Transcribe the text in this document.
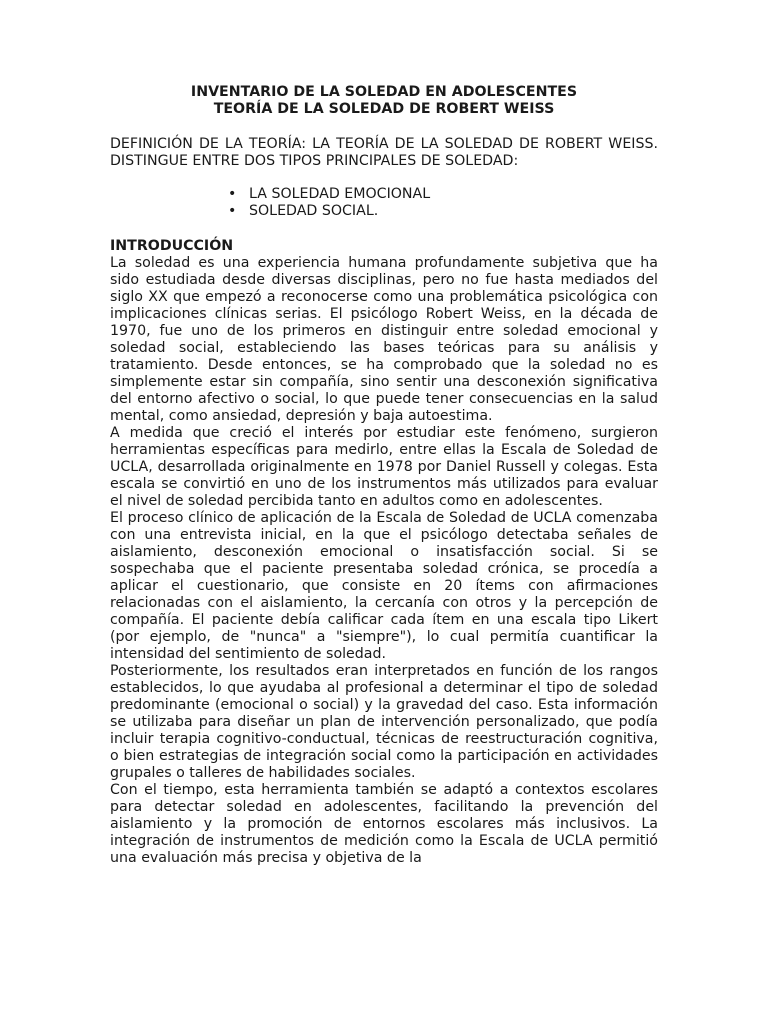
INVENTARIO DE LA SOLEDAD EN ADOLESCENTES

TEORÍA DE LA SOLEDAD DE ROBERT WEISS

DEFINICIÓN DE LA TEORÍA: LA TEORÍA DE LA SOLEDAD DE ROBERT WEISS. DISTINGUE ENTRE DOS TIPOS PRINCIPALES DE SOLEDAD:

• LA SOLEDAD EMOCIONAL
• SOLEDAD SOCIAL.

INTRODUCCIÓN

La soledad es una experiencia humana profundamente subjetiva que ha sido estudiada desde diversas disciplinas, pero no fue hasta mediados del siglo XX que empezó a reconocerse como una problemática psicológica con implicaciones clínicas serias. El psicólogo Robert Weiss, en la década de 1970, fue uno de los primeros en distinguir entre soledad emocional y soledad social, estableciendo las bases teóricas para su análisis y tratamiento. Desde entonces, se ha comprobado que la soledad no es simplemente estar sin compañía, sino sentir una desconexión significativa del entorno afectivo o social, lo que puede tener consecuencias en la salud mental, como ansiedad, depresión y baja autoestima.

A medida que creció el interés por estudiar este fenómeno, surgieron herramientas específicas para medirlo, entre ellas la Escala de Soledad de UCLA, desarrollada originalmente en 1978 por Daniel Russell y colegas. Esta escala se convirtió en uno de los instrumentos más utilizados para evaluar el nivel de soledad percibida tanto en adultos como en adolescentes.

El proceso clínico de aplicación de la Escala de Soledad de UCLA comenzaba con una entrevista inicial, en la que el psicólogo detectaba señales de aislamiento, desconexión emocional o insatisfacción social. Si se sospechaba que el paciente presentaba soledad crónica, se procedía a aplicar el cuestionario, que consiste en 20 ítems con afirmaciones relacionadas con el aislamiento, la cercanía con otros y la percepción de compañía. El paciente debía calificar cada ítem en una escala tipo Likert (por ejemplo, de "nunca" a "siempre"), lo cual permitía cuantificar la intensidad del sentimiento de soledad.

Posteriormente, los resultados eran interpretados en función de los rangos establecidos, lo que ayudaba al profesional a determinar el tipo de soledad predominante (emocional o social) y la gravedad del caso. Esta información se utilizaba para diseñar un plan de intervención personalizado, que podía incluir terapia cognitivo-conductual, técnicas de reestructuración cognitiva, o bien estrategias de integración social como la participación en actividades grupales o talleres de habilidades sociales.

Con el tiempo, esta herramienta también se adaptó a contextos escolares para detectar soledad en adolescentes, facilitando la prevención del aislamiento y la promoción de entornos escolares más inclusivos. La integración de instrumentos de medición como la Escala de UCLA permitió una evaluación más precisa y objetiva de la
